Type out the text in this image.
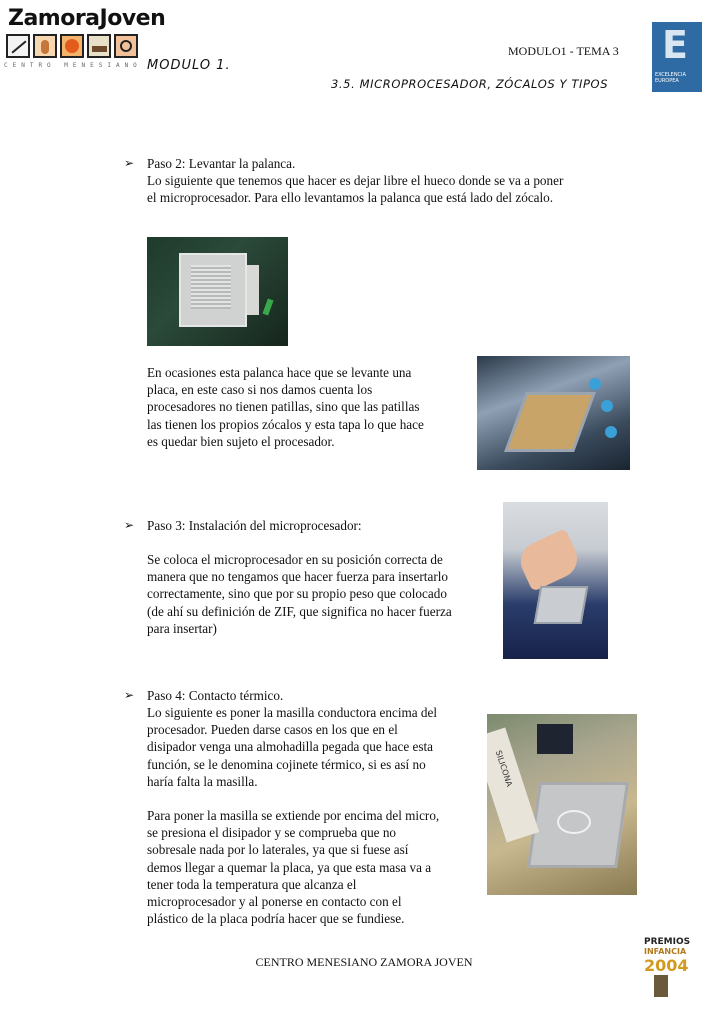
ZamoraJoven
CENTRO MENESIANO MODULO 1.
MODULO1 - TEMA 3
3.5. MICROPROCESADOR, ZÓCALOS Y TIPOS
E
EXCELENCIA
EUROPEA
➢ Paso 2: Levantar la palanca.
Lo siguiente que tenemos que hacer es dejar libre el hueco donde se va a poner
el microprocesador. Para ello levantamos la palanca que está lado del zócalo.
En ocasiones esta palanca hace que se levante una
placa, en este caso si nos damos cuenta los
procesadores no tienen patillas, sino que las patillas
las tienen los propios zócalos y esta tapa lo que hace
es quedar bien sujeto el procesador.
➢ Paso 3: Instalación del microprocesador:
Se coloca el microprocesador en su posición correcta de
manera que no tengamos que hacer fuerza para insertarlo
correctamente, sino que por su propio peso que colocado
(de ahí su definición de ZIF, que significa no hacer fuerza
para insertar)
➢ Paso 4: Contacto térmico.
Lo siguiente es poner la masilla conductora encima del
procesador. Pueden darse casos en los que en el
disipador venga una almohadilla pegada que hace esta
función, se le denomina cojinete térmico, si es así no
haría falta la masilla.
Para poner la masilla se extiende por encima del micro,
se presiona el disipador y se comprueba que no
sobresale nada por lo laterales, ya que si fuese así
demos llegar a quemar la placa, ya que esta masa va a
tener toda la temperatura que alcanza el
microprocesador y al ponerse en contacto con el
plástico de la placa podría hacer que se fundiese.
SILICONA
CENTRO MENESIANO ZAMORA JOVEN
PREMIOS
INFANCIA
2004
